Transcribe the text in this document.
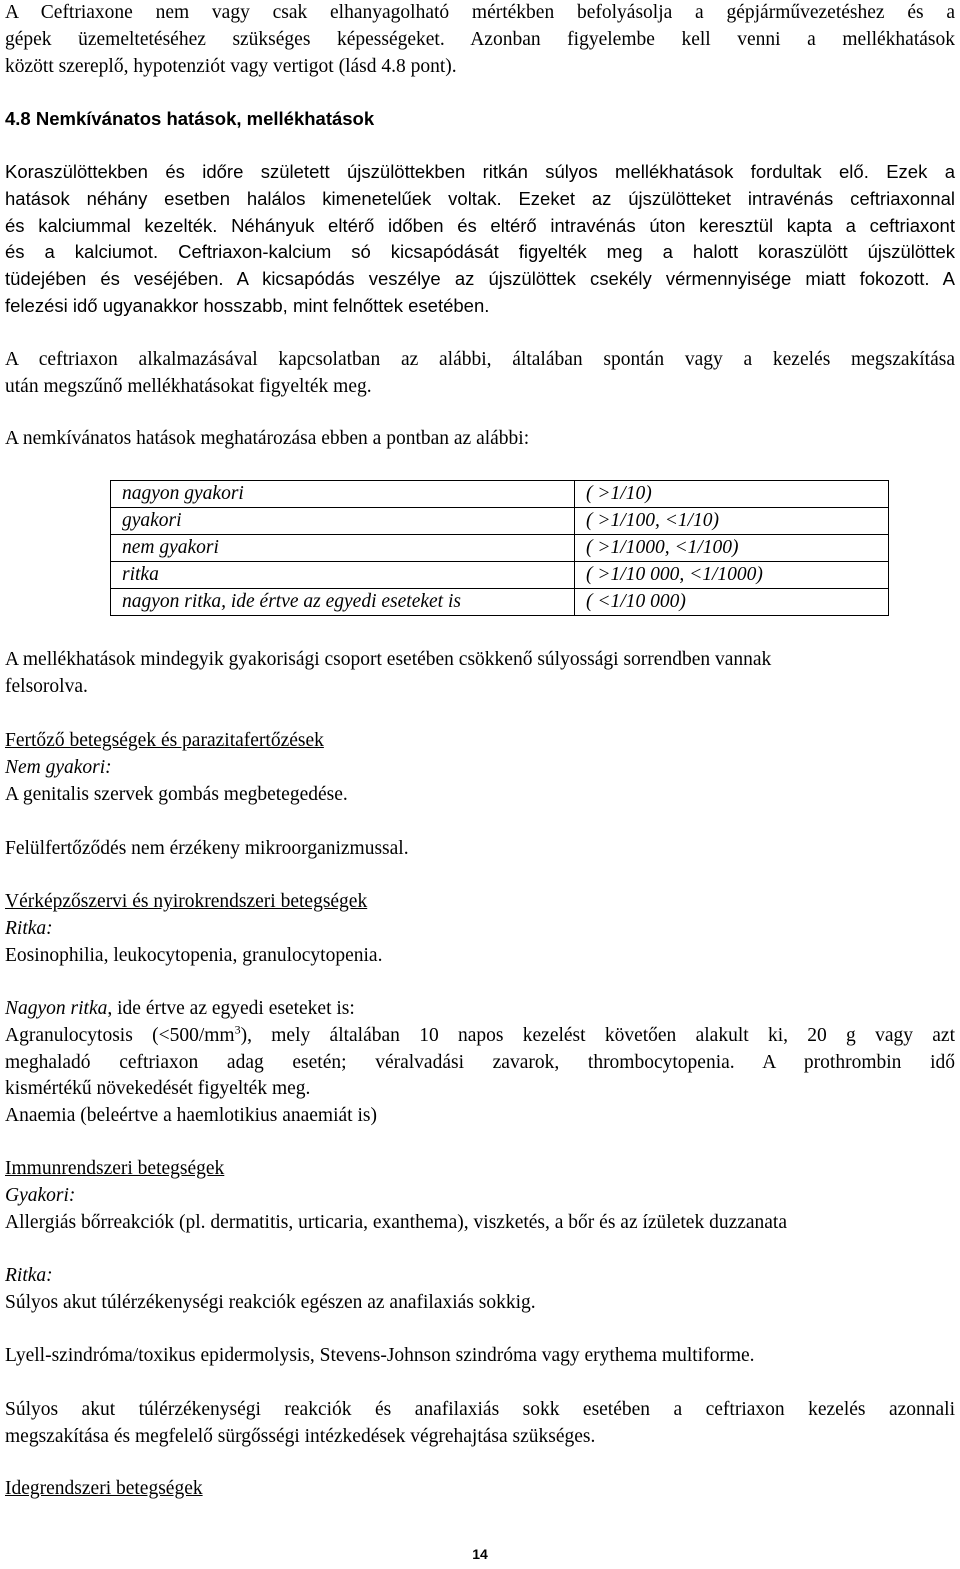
A Ceftriaxone nem vagy csak elhanyagolható mértékben befolyásolja a gépjárművezetéshez és a
gépek üzemeltetéséhez szükséges képességeket. Azonban figyelembe kell venni a mellékhatások
között szereplő, hypotenziót vagy vertigot (lásd 4.8 pont).
4.8 Nemkívánatos hatások, mellékhatások
Koraszülöttekben és időre született újszülöttekben ritkán súlyos mellékhatások fordultak elő. Ezek a
hatások néhány esetben halálos kimenetelűek voltak. Ezeket az újszülötteket intravénás ceftriaxonnal
és kalciummal kezelték. Néhányuk eltérő időben és eltérő intravénás úton keresztül kapta a ceftriaxont
és a kalciumot. Ceftriaxon-kalcium só kicsapódását figyelték meg a halott koraszülött újszülöttek
tüdejében és veséjében. A kicsapódás veszélye az újszülöttek csekély vérmennyisége miatt fokozott. A
felezési idő ugyanakkor hosszabb, mint felnőttek esetében.
A ceftriaxon alkalmazásával kapcsolatban az alábbi, általában spontán vagy a kezelés megszakítása
után megszűnő mellékhatásokat figyelték meg.
A nemkívánatos hatások meghatározása ebben a pontban az alábbi:
nagyon gyakori	( >1/10)
gyakori	( >1/100, <1/10)
nem gyakori	( >1/1000, <1/100)
ritka	( >1/10 000, <1/1000)
nagyon ritka, ide értve az egyedi eseteket is	( <1/10 000)
A mellékhatások mindegyik gyakorisági csoport esetében csökkenő súlyossági sorrendben vannak
felsorolva.
Fertőző betegségek és parazitafertőzések
Nem gyakori:
A genitalis szervek gombás megbetegedése.
Felülfertőződés nem érzékeny mikroorganizmussal.
Vérképzőszervi és nyirokrendszeri betegségek
Ritka:
Eosinophilia, leukocytopenia, granulocytopenia.
Nagyon ritka, ide értve az egyedi eseteket is:
Agranulocytosis $(<500/mm^3)$, mely általában 10 napos kezelést követően alakult ki, 20 g vagy azt
meghaladó ceftriaxon adag esetén; véralvadási zavarok, thrombocytopenia. A prothrombin idő
kismértékű növekedését figyelték meg.
Anaemia (beleértve a haemlotikius anaemiát is)
Immunrendszeri betegségek
Gyakori:
Allergiás bőrreakciók (pl. dermatitis, urticaria, exanthema), viszketés, a bőr és az ízületek duzzanata
Ritka:
Súlyos akut túlérzékenységi reakciók egészen az anafilaxiás sokkig.
Lyell-szindróma/toxikus epidermolysis, Stevens-Johnson szindróma vagy erythema multiforme.
Súlyos akut túlérzékenységi reakciók és anafilaxiás sokk esetében a ceftriaxon kezelés azonnali
megszakítása és megfelelő sürgősségi intézkedések végrehajtása szükséges.
Idegrendszeri betegségek
14
